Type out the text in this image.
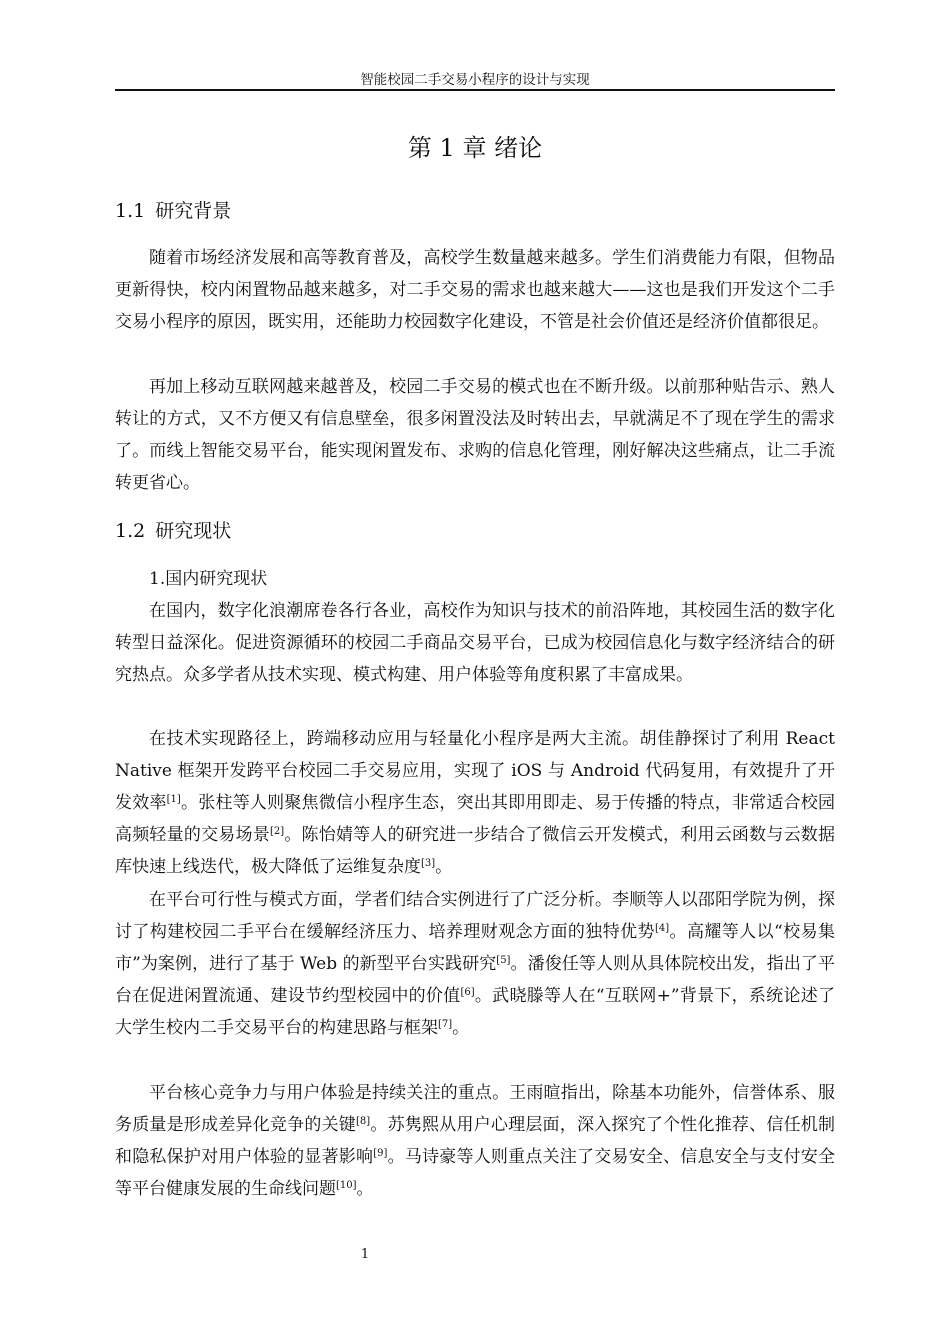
智能校园二手交易小程序的设计与实现
第 1 章 绪论
1.1 研究背景

随着市场经济发展和高等教育普及，高校学生数量越来越多。学生们消费能力有限，但物品更新得快，校内闲置物品越来越多，对二手交易的需求也越来越大——这也是我们开发这个二手交易小程序的原因，既实用，还能助力校园数字化建设，不管是社会价值还是经济价值都很足。

再加上移动互联网越来越普及，校园二手交易的模式也在不断升级。以前那种贴告示、熟人转让的方式，又不方便又有信息壁垒，很多闲置没法及时转出去，早就满足不了现在学生的需求了。而线上智能交易平台，能实现闲置发布、求购的信息化管理，刚好解决这些痛点，让二手流转更省心。

1.2 研究现状
1.国内研究现状

在国内，数字化浪潮席卷各行各业，高校作为知识与技术的前沿阵地，其校园生活的数字化转型日益深化。促进资源循环的校园二手商品交易平台，已成为校园信息化与数字经济结合的研究热点。众多学者从技术实现、模式构建、用户体验等角度积累了丰富成果。

在技术实现路径上，跨端移动应用与轻量化小程序是两大主流。胡佳静探讨了利用 React Native 框架开发跨平台校园二手交易应用，实现了 iOS 与 Android 代码复用，有效提升了开发效率[1]。张柱等人则聚焦微信小程序生态，突出其即用即走、易于传播的特点，非常适合校园高频轻量的交易场景[2]。陈怡婧等人的研究进一步结合了微信云开发模式，利用云函数与云数据库快速上线迭代，极大降低了运维复杂度[3]。

在平台可行性与模式方面，学者们结合实例进行了广泛分析。李顺等人以邵阳学院为例，探讨了构建校园二手平台在缓解经济压力、培养理财观念方面的独特优势[4]。高耀等人以“校易集市”为案例，进行了基于 Web 的新型平台实践研究[5]。潘俊任等人则从具体院校出发，指出了平台在促进闲置流通、建设节约型校园中的价值[6]。武晓滕等人在“互联网+”背景下，系统论述了大学生校内二手交易平台的构建思路与框架[7]。

平台核心竞争力与用户体验是持续关注的重点。王雨暄指出，除基本功能外，信誉体系、服务质量是形成差异化竞争的关键[8]。苏隽熙从用户心理层面，深入探究了个性化推荐、信任机制和隐私保护对用户体验的显著影响[9]。马诗豪等人则重点关注了交易安全、信息安全与支付安全等平台健康发展的生命线问题[10]。

1
